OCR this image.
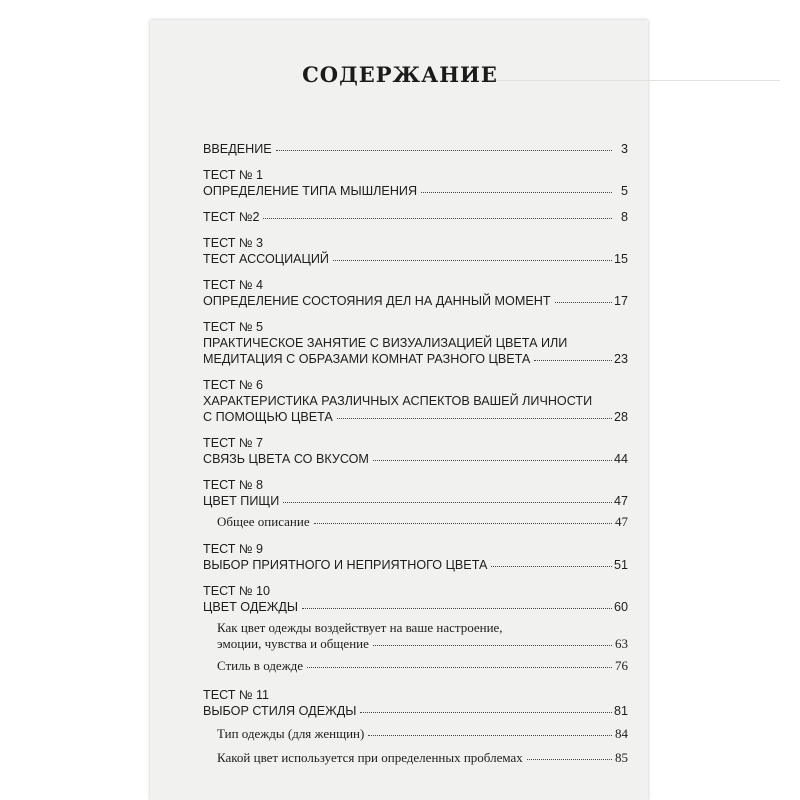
СОДЕРЖАНИЕ
ВВЕДЕНИЕ	3
ТЕСТ № 1
ОПРЕДЕЛЕНИЕ ТИПА МЫШЛЕНИЯ	5
ТЕСТ №2	8
ТЕСТ № 3
ТЕСТ АССОЦИАЦИЙ	15
ТЕСТ № 4
ОПРЕДЕЛЕНИЕ СОСТОЯНИЯ ДЕЛ НА ДАННЫЙ МОМЕНТ	17
ТЕСТ № 5
ПРАКТИЧЕСКОЕ ЗАНЯТИЕ С ВИЗУАЛИЗАЦИЕЙ ЦВЕТА ИЛИ
МЕДИТАЦИЯ С ОБРАЗАМИ КОМНАТ РАЗНОГО ЦВЕТА	23
ТЕСТ № 6
ХАРАКТЕРИСТИКА РАЗЛИЧНЫХ АСПЕКТОВ ВАШЕЙ ЛИЧНОСТИ
С ПОМОЩЬЮ ЦВЕТА	28
ТЕСТ № 7
СВЯЗЬ ЦВЕТА СО ВКУСОМ	44
ТЕСТ № 8
ЦВЕТ ПИЩИ	47
Общее описание	47
ТЕСТ № 9
ВЫБОР ПРИЯТНОГО И НЕПРИЯТНОГО ЦВЕТА	51
ТЕСТ № 10
ЦВЕТ ОДЕЖДЫ	60
Как цвет одежды воздействует на ваше настроение,
эмоции, чувства и общение	63
Стиль в одежде	76
ТЕСТ № 11
ВЫБОР СТИЛЯ ОДЕЖДЫ	81
Тип одежды (для женщин)	84
Какой цвет используется при определенных проблемах	85
